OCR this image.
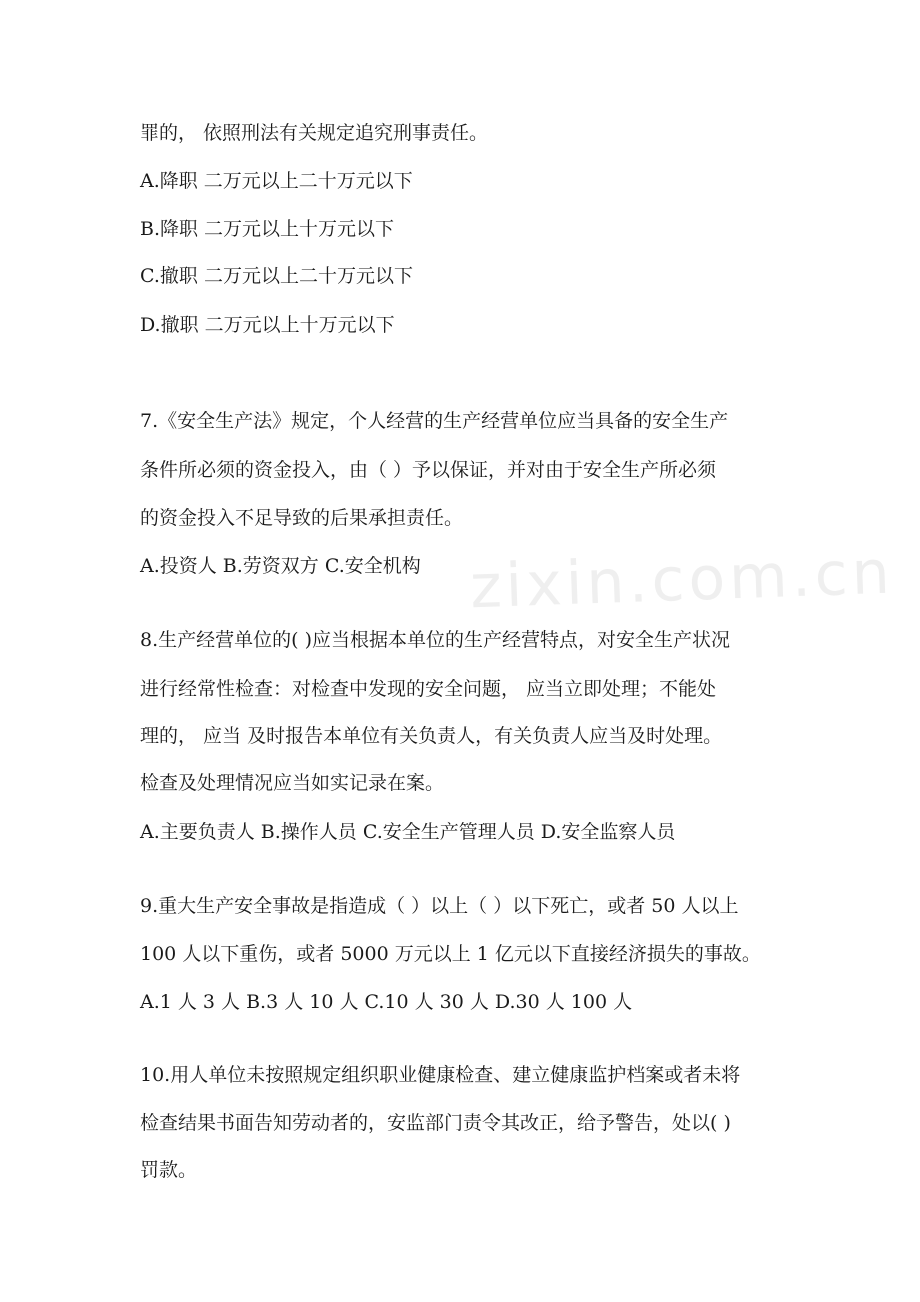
zixin.com.cn
罪的， 依照刑法有关规定追究刑事责任。
A.降职 二万元以上二十万元以下
B.降职 二万元以上十万元以下
C.撤职 二万元以上二十万元以下
D.撤职 二万元以上十万元以下
7.《安全生产法》规定，个人经营的生产经营单位应当具备的安全生产
条件所必须的资金投入，由（ ）予以保证，并对由于安全生产所必须
的资金投入不足导致的后果承担责任。
A.投资人 B.劳资双方 C.安全机构
8.生产经营单位的( )应当根据本单位的生产经营特点，对安全生产状况
进行经常性检查：对检查中发现的安全问题， 应当立即处理；不能处
理的， 应当 及时报告本单位有关负责人，有关负责人应当及时处理。
检查及处理情况应当如实记录在案。
A.主要负责人 B.操作人员 C.安全生产管理人员 D.安全监察人员
9.重大生产安全事故是指造成（ ）以上（ ）以下死亡，或者 50 人以上
100 人以下重伤，或者 5000 万元以上 1 亿元以下直接经济损失的事故。
A.1 人 3 人 B.3 人 10 人 C.10 人 30 人 D.30 人 100 人
10.用人单位未按照规定组织职业健康检查、建立健康监护档案或者未将
检查结果书面告知劳动者的，安监部门责令其改正，给予警告，处以( )
罚款。
